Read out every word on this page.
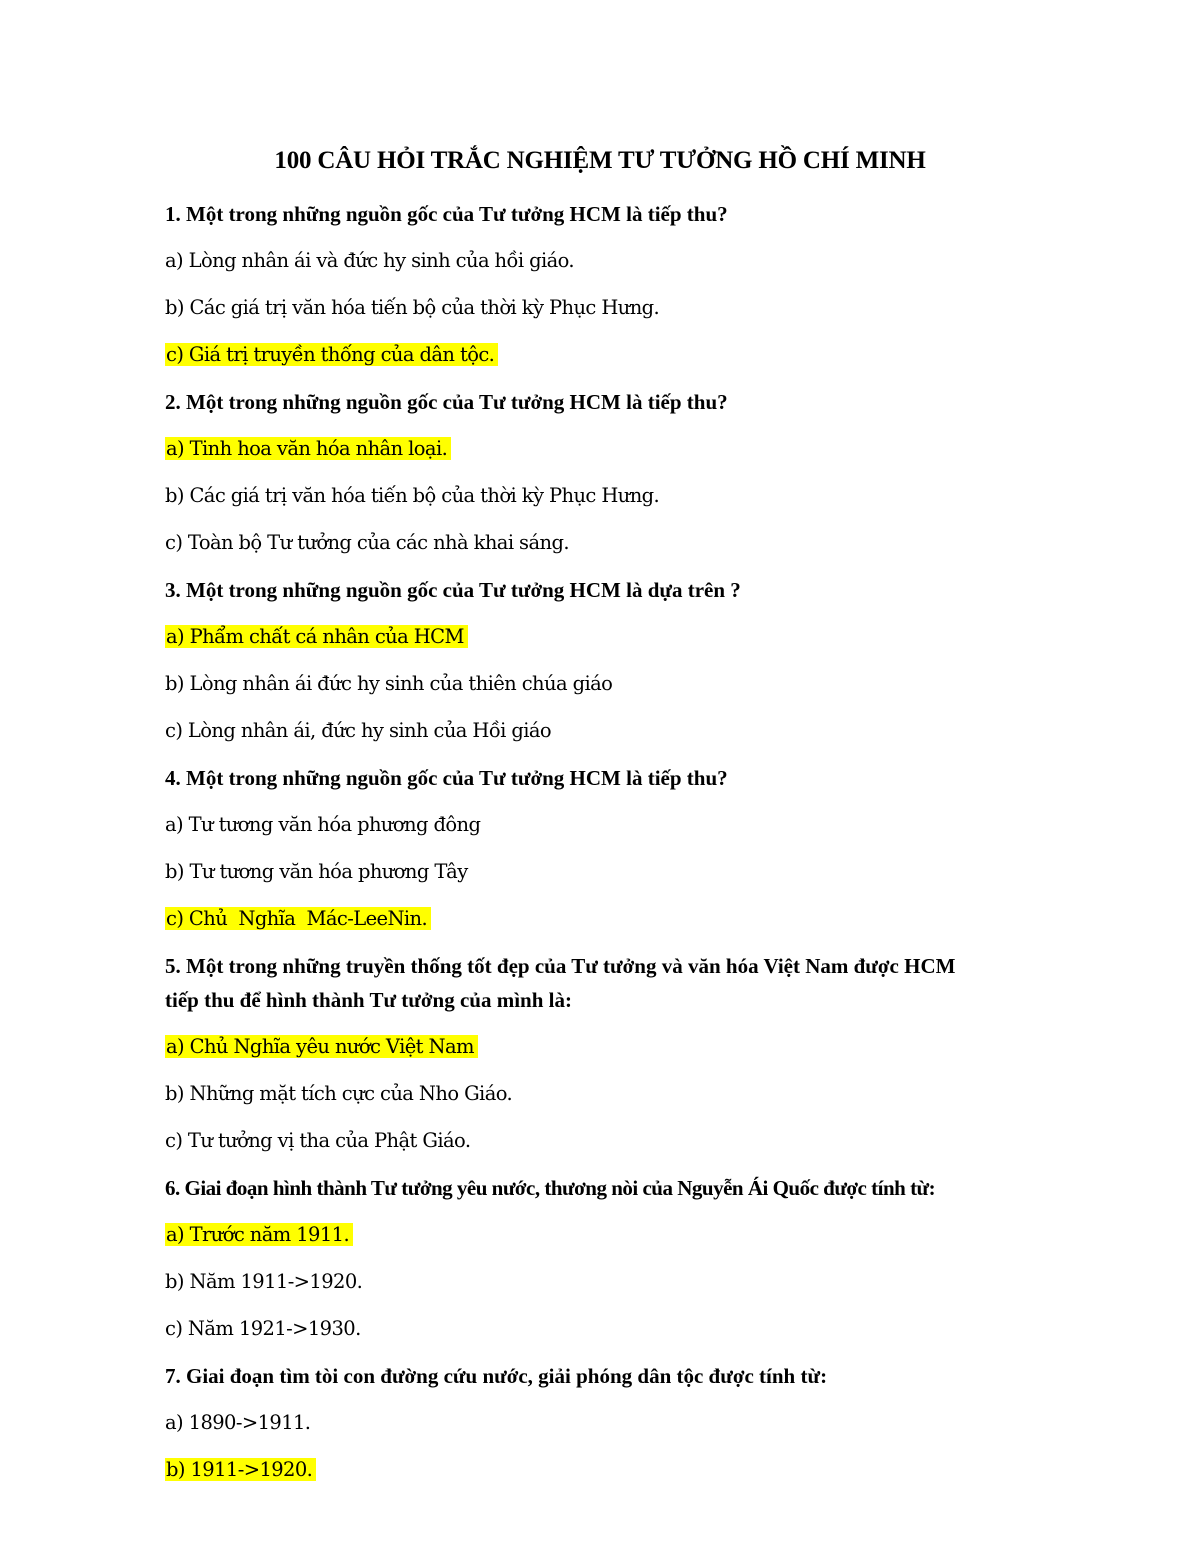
100 CÂU HỎI TRẮC NGHIỆM TƯ TƯỞNG HỒ CHÍ MINH
1. Một trong những nguồn gốc của Tư tưởng HCM là tiếp thu?
a) Lòng nhân ái và đức hy sinh của hồi giáo.
b) Các giá trị văn hóa tiến bộ của thời kỳ Phục Hưng.
c) Giá trị truyền thống của dân tộc.
2. Một trong những nguồn gốc của Tư tưởng HCM là tiếp thu?
a) Tinh hoa văn hóa nhân loại.
b) Các giá trị văn hóa tiến bộ của thời kỳ Phục Hưng.
c) Toàn bộ Tư tưởng của các nhà khai sáng.
3. Một trong những nguồn gốc của Tư tưởng HCM là dựa trên ?
a) Phẩm chất cá nhân của HCM
b) Lòng nhân ái đức hy sinh của thiên chúa giáo
c) Lòng nhân ái, đức hy sinh của Hồi giáo
4. Một trong những nguồn gốc của Tư tưởng HCM là tiếp thu?
a) Tư tương văn hóa phương đông
b) Tư tương văn hóa phương Tây
c) Chủ  Nghĩa  Mác-LeeNin.
5. Một trong những truyền thống tốt đẹp của Tư tưởng và văn hóa Việt Nam được HCM
tiếp thu để hình thành Tư tưởng của mình là:
a) Chủ Nghĩa yêu nước Việt Nam
b) Những mặt tích cực của Nho Giáo.
c) Tư tưởng vị tha của Phật Giáo.
6. Giai đoạn hình thành Tư tưởng yêu nước, thương nòi của Nguyễn Ái Quốc được tính từ:
a) Trước năm 1911.
b) Năm 1911->1920.
c) Năm 1921->1930.
7. Giai đoạn tìm tòi con đường cứu nước, giải phóng dân tộc được tính từ:
a) 1890->1911.
b) 1911->1920.
